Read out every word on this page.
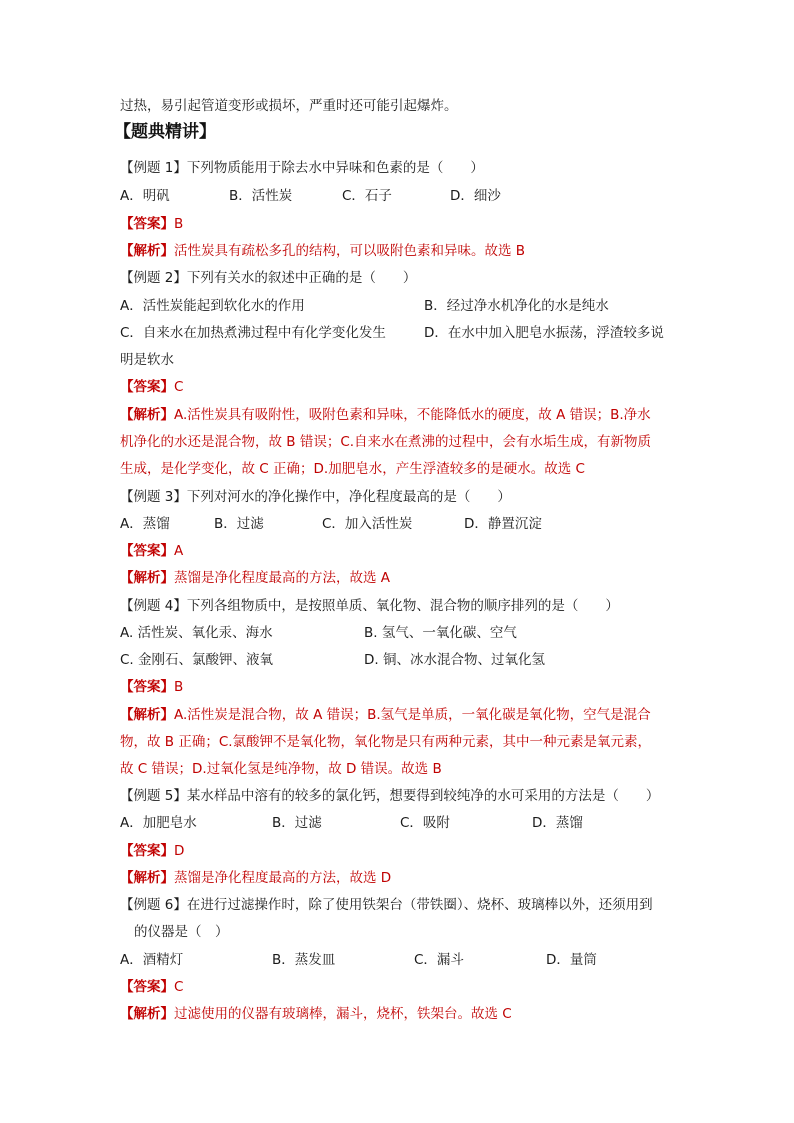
过热，易引起管道变形或损坏，严重时还可能引起爆炸。
【题典精讲】
【例题 1】下列物质能用于除去水中异味和色素的是（　　）
A．明矾	B．活性炭	C．石子	D．细沙
【答案】B
【解析】活性炭具有疏松多孔的结构，可以吸附色素和异味。故选 B
【例题 2】下列有关水的叙述中正确的是（　　）
A．活性炭能起到软化水的作用	B．经过净水机净化的水是纯水
C．自来水在加热煮沸过程中有化学变化发生	D．在水中加入肥皂水振荡，浮渣较多说
明是软水
【答案】C
【解析】A.活性炭具有吸附性，吸附色素和异味，不能降低水的硬度，故 A 错误；B.净水
机净化的水还是混合物，故 B 错误；C.自来水在煮沸的过程中，会有水垢生成，有新物质
生成，是化学变化，故 C 正确；D.加肥皂水，产生浮渣较多的是硬水。故选 C
【例题 3】下列对河水的净化操作中，净化程度最高的是（　　）
A．蒸馏	B．过滤	C．加入活性炭	D．静置沉淀
【答案】A
【解析】蒸馏是净化程度最高的方法，故选 A
【例题 4】下列各组物质中，是按照单质、氧化物、混合物的顺序排列的是（　　）
A. 活性炭、氧化汞、海水	B. 氢气、一氧化碳、空气
C. 金刚石、氯酸钾、液氧	D. 铜、冰水混合物、过氧化氢
【答案】B
【解析】A.活性炭是混合物，故 A 错误；B.氢气是单质，一氧化碳是氧化物，空气是混合
物，故 B 正确；C.氯酸钾不是氧化物，氧化物是只有两种元素，其中一种元素是氧元素，
故 C 错误；D.过氧化氢是纯净物，故 D 错误。故选 B
【例题 5】某水样品中溶有的较多的氯化钙，想要得到较纯净的水可采用的方法是（　　）
A．加肥皂水	B．过滤	C．吸附	D．蒸馏
【答案】D
【解析】蒸馏是净化程度最高的方法，故选 D
【例题 6】在进行过滤操作时，除了使用铁架台（带铁圈）、烧杯、玻璃棒以外，还须用到
的仪器是（　）
A．酒精灯	B．蒸发皿	C．漏斗	D．量筒
【答案】C
【解析】过滤使用的仪器有玻璃棒，漏斗，烧杯，铁架台。故选 C
